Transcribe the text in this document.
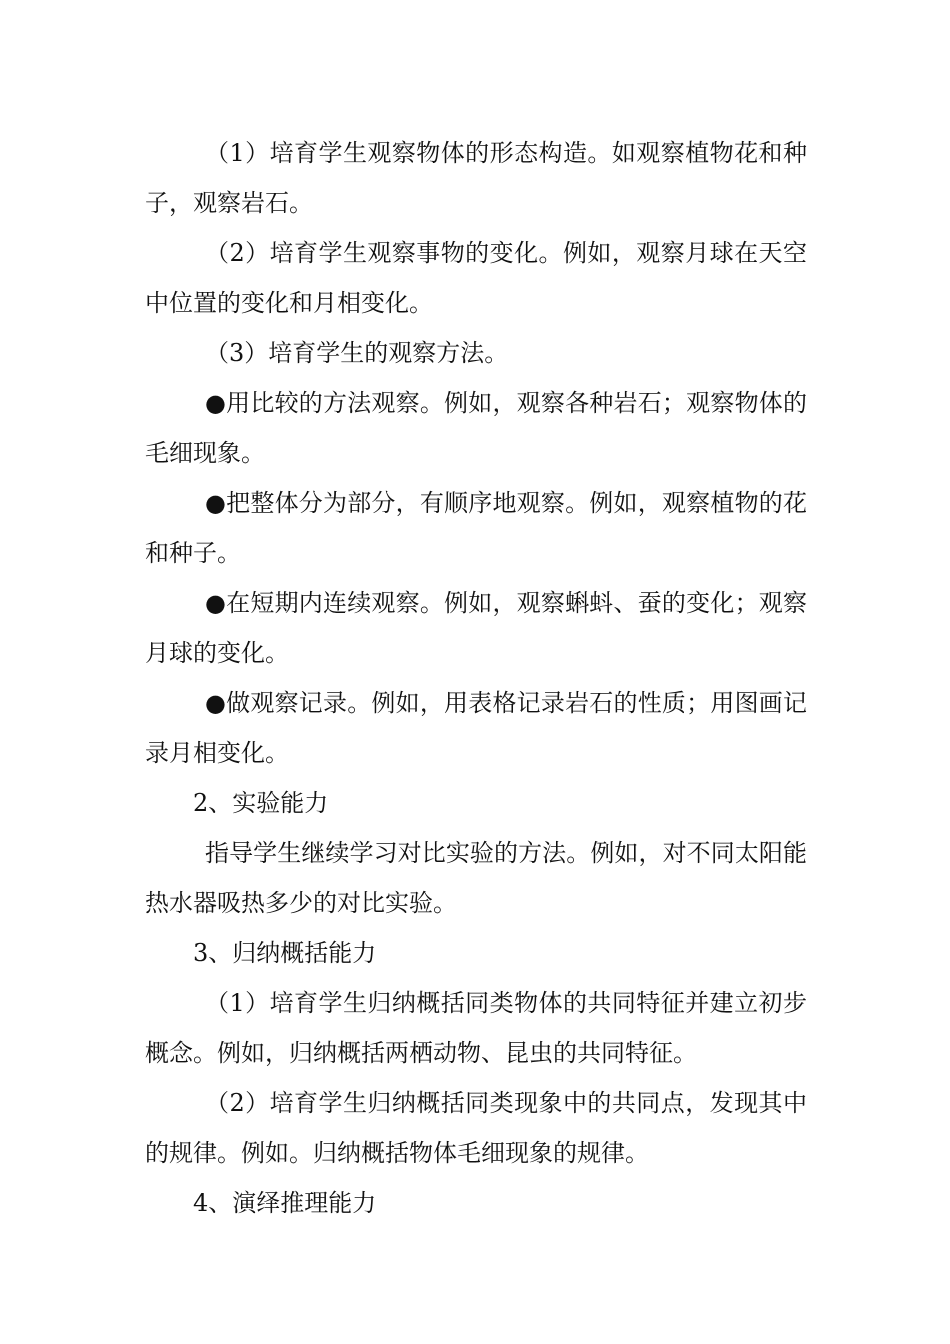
（1）培育学生观察物体的形态构造。如观察植物花和种子，观察岩石。

（2）培育学生观察事物的变化。例如，观察月球在天空中位置的变化和月相变化。

（3）培育学生的观察方法。

●用比较的方法观察。例如，观察各种岩石；观察物体的毛细现象。

●把整体分为部分，有顺序地观察。例如，观察植物的花和种子。

●在短期内连续观察。例如，观察蝌蚪、蚕的变化；观察月球的变化。

●做观察记录。例如，用表格记录岩石的性质；用图画记录月相变化。

2、实验能力

指导学生继续学习对比实验的方法。例如，对不同太阳能热水器吸热多少的对比实验。

3、归纳概括能力

（1）培育学生归纳概括同类物体的共同特征并建立初步概念。例如，归纳概括两栖动物、昆虫的共同特征。

（2）培育学生归纳概括同类现象中的共同点，发现其中的规律。例如。归纳概括物体毛细现象的规律。

4、演绎推理能力
